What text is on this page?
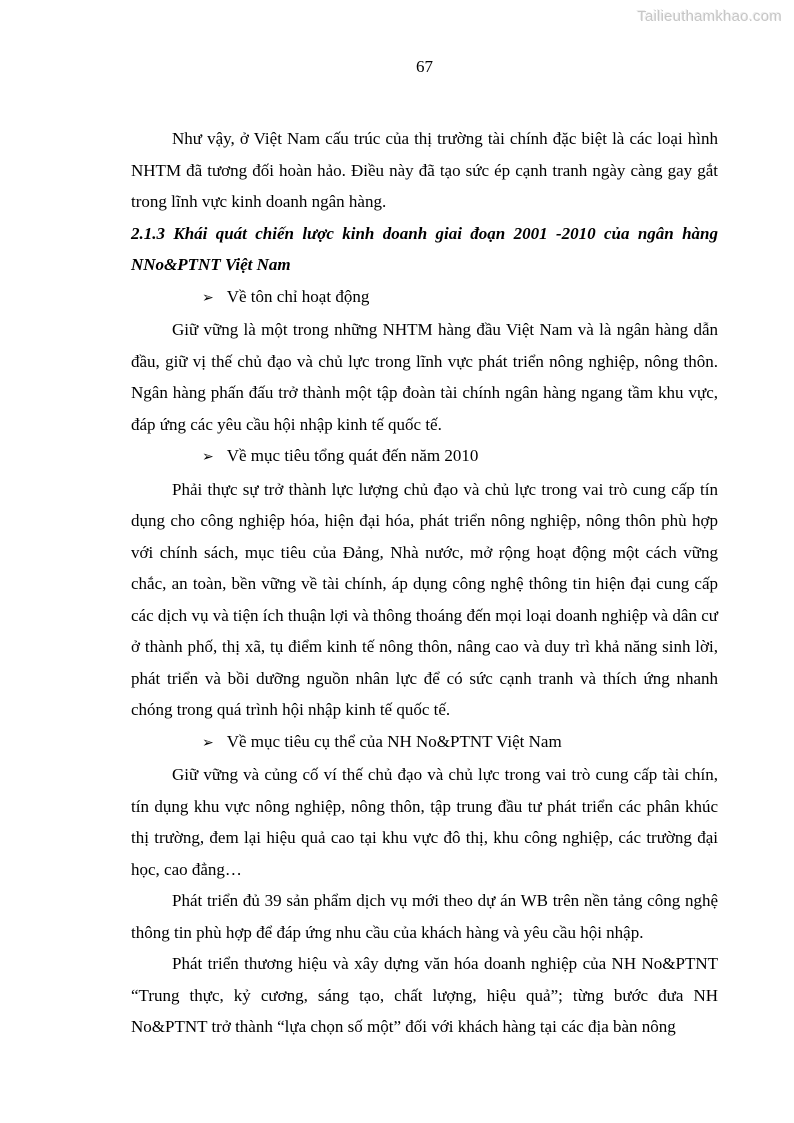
Tailieuthamkhao.com
67

Như vậy, ở Việt Nam cấu trúc của thị trường tài chính đặc biệt là các loại hình NHTM đã tương đối hoàn hảo. Điều này đã tạo sức ép cạnh tranh ngày càng gay gắt trong lĩnh vực kinh doanh ngân hàng.

2.1.3 Khái quát chiến lược kinh doanh giai đoạn 2001 -2010 của ngân hàng NNo&PTNT Việt Nam
➢ Về tôn chỉ hoạt động

Giữ vững là một trong những NHTM hàng đầu Việt Nam và là ngân hàng dẫn đầu, giữ vị thế chủ đạo và chủ lực trong lĩnh vực phát triển nông nghiệp, nông thôn. Ngân hàng phấn đấu trở thành một tập đoàn tài chính ngân hàng ngang tầm khu vực, đáp ứng các yêu cầu hội nhập kinh tế quốc tế.

➢ Về mục tiêu tổng quát đến năm 2010

Phải thực sự trở thành lực lượng chủ đạo và chủ lực trong vai trò cung cấp tín dụng cho công nghiệp hóa, hiện đại hóa, phát triển nông nghiệp, nông thôn phù hợp với chính sách, mục tiêu của Đảng, Nhà nước, mở rộng hoạt động một cách vững chắc, an toàn, bền vững về tài chính, áp dụng công nghệ thông tin hiện đại cung cấp các dịch vụ và tiện ích thuận lợi và thông thoáng đến mọi loại doanh nghiệp và dân cư ở thành phố, thị xã, tụ điểm kinh tế nông thôn, nâng cao và duy trì khả năng sinh lời, phát triển và bồi dưỡng nguồn nhân lực để có sức cạnh tranh và thích ứng nhanh chóng trong quá trình hội nhập kinh tế quốc tế.

➢ Về mục tiêu cụ thể của NH No&PTNT Việt Nam

Giữ vững và củng cố ví thế chủ đạo và chủ lực trong vai trò cung cấp tài chín, tín dụng khu vực nông nghiệp, nông thôn, tập trung đầu tư phát triển các phân khúc thị trường, đem lại hiệu quả cao tại khu vực đô thị, khu công nghiệp, các trường đại học, cao đẳng…

Phát triển đủ 39 sản phẩm dịch vụ mới theo dự án WB trên nền tảng công nghệ thông tin phù hợp để đáp ứng nhu cầu của khách hàng và yêu cầu hội nhập.

Phát triển thương hiệu và xây dựng văn hóa doanh nghiệp của NH No&PTNT “Trung thực, kỷ cương, sáng tạo, chất lượng, hiệu quả”; từng bước đưa NH No&PTNT trở thành “lựa chọn số một” đối với khách hàng tại các địa bàn nông
